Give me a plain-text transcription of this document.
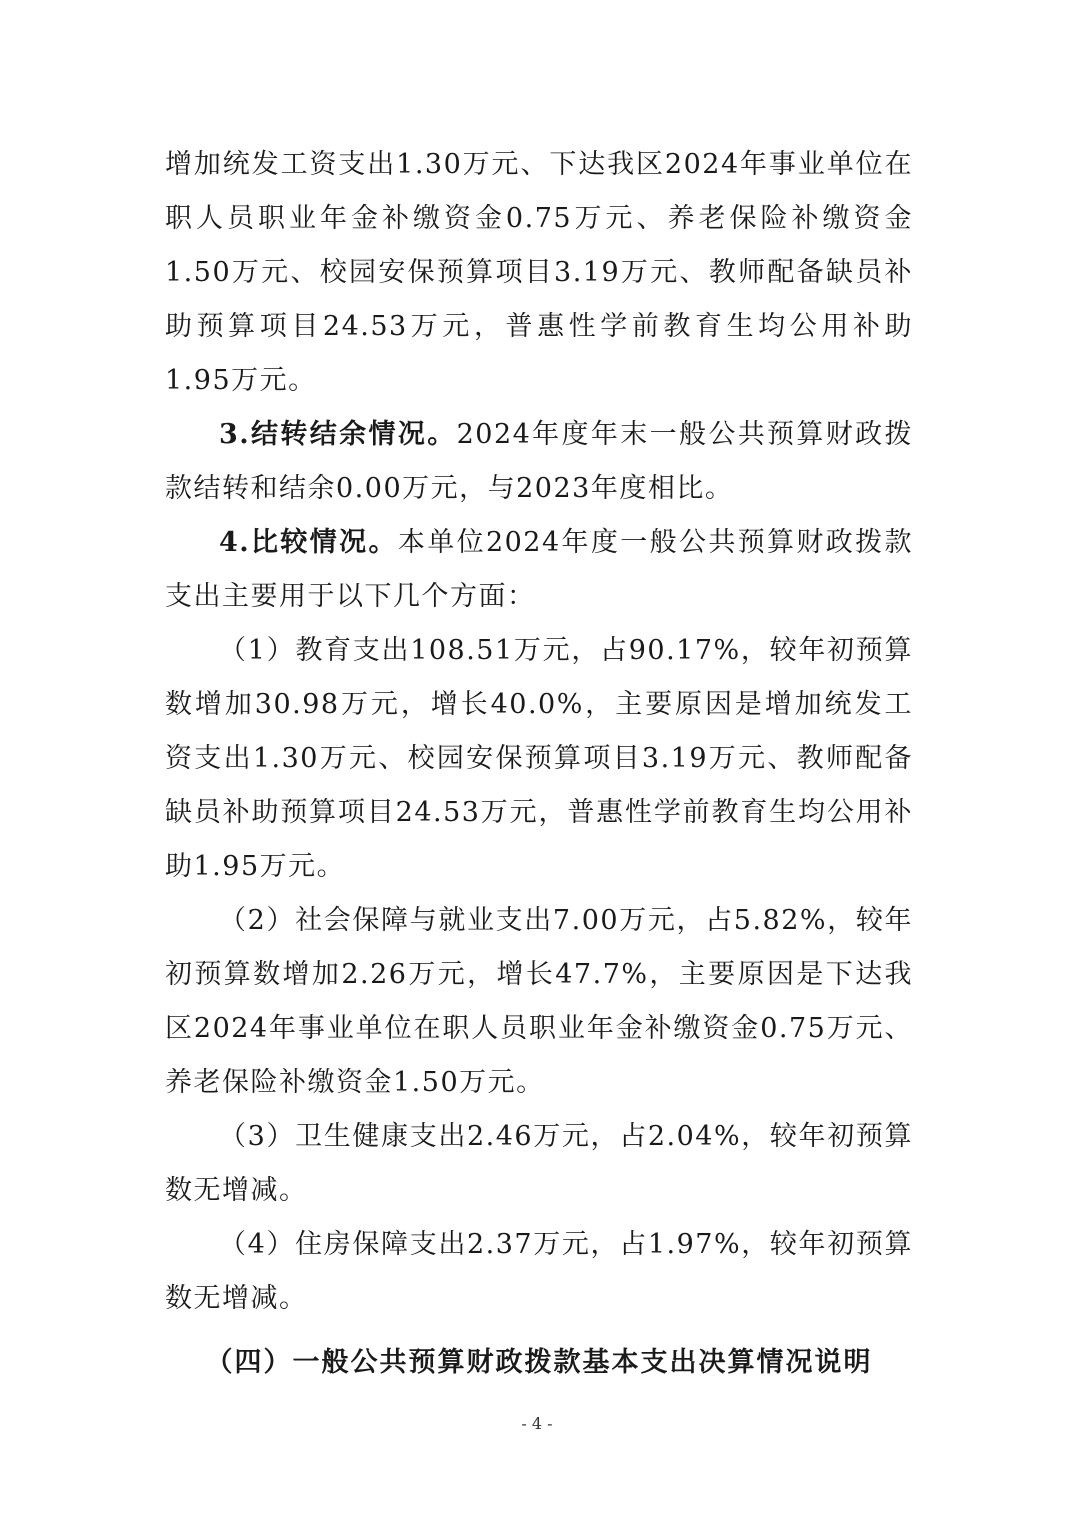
增加统发工资支出1.30万元、下达我区2024年事业单位在职人员职业年金补缴资金0.75万元、养老保险补缴资金1.50万元、校园安保预算项目3.19万元、教师配备缺员补助预算项目24.53万元，普惠性学前教育生均公用补助1.95万元。

3.结转结余情况。2024年度年末一般公共预算财政拨款结转和结余0.00万元，与2023年度相比。

4.比较情况。本单位2024年度一般公共预算财政拨款支出主要用于以下几个方面：

（1）教育支出108.51万元，占90.17%，较年初预算数增加30.98万元，增长40.0%，主要原因是增加统发工资支出1.30万元、校园安保预算项目3.19万元、教师配备缺员补助预算项目24.53万元，普惠性学前教育生均公用补助1.95万元。

（2）社会保障与就业支出7.00万元，占5.82%，较年初预算数增加2.26万元，增长47.7%，主要原因是下达我区2024年事业单位在职人员职业年金补缴资金0.75万元、养老保险补缴资金1.50万元。

（3）卫生健康支出2.46万元，占2.04%，较年初预算数无增减。

（4）住房保障支出2.37万元，占1.97%，较年初预算数无增减。

（四）一般公共预算财政拨款基本支出决算情况说明

- 4 -
